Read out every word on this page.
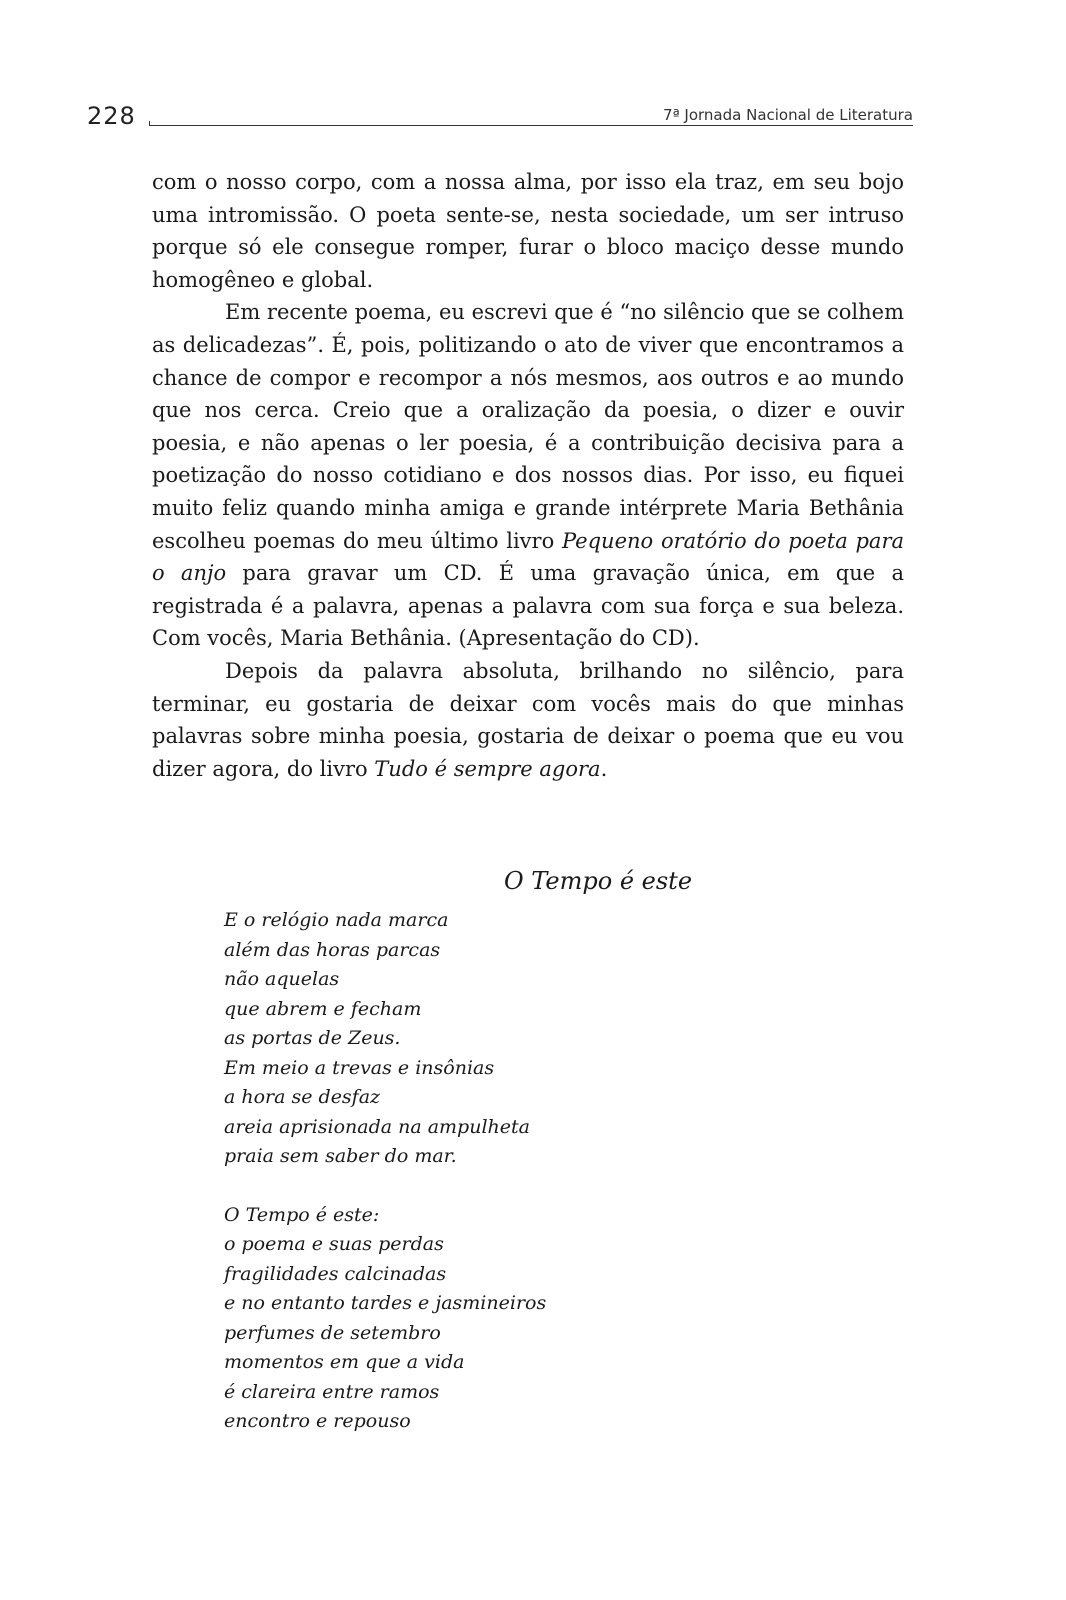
228	7ª Jornada Nacional de Literatura

com o nosso corpo, com a nossa alma, por isso ela traz, em seu bojo uma intromissão. O poeta sente-se, nesta sociedade, um ser intruso porque só ele consegue romper, furar o bloco maciço desse mundo homogêneo e global.

Em recente poema, eu escrevi que é “no silêncio que se colhem as delicadezas”. É, pois, politizando o ato de viver que encontramos a chance de compor e recompor a nós mesmos, aos outros e ao mundo que nos cerca. Creio que a oralização da poesia, o dizer e ouvir poesia, e não apenas o ler poesia, é a contribuição decisiva para a poetização do nosso cotidiano e dos nossos dias. Por isso, eu fiquei muito feliz quando minha amiga e grande intérprete Maria Bethânia escolheu poemas do meu último livro Pequeno oratório do poeta para o anjo para gravar um CD. É uma gravação única, em que a registrada é a palavra, apenas a palavra com sua força e sua beleza. Com vocês, Maria Bethânia. (Apresentação do CD).

Depois da palavra absoluta, brilhando no silêncio, para terminar, eu gostaria de deixar com vocês mais do que minhas palavras sobre minha poesia, gostaria de deixar o poema que eu vou dizer agora, do livro Tudo é sempre agora.

O Tempo é este
E o relógio nada marca
além das horas parcas
não aquelas
que abrem e fecham
as portas de Zeus.
Em meio a trevas e insônias
a hora se desfaz
areia aprisionada na ampulheta
praia sem saber do mar.
O Tempo é este:
o poema e suas perdas
fragilidades calcinadas
e no entanto tardes e jasmineiros
perfumes de setembro
momentos em que a vida
é clareira entre ramos
encontro e repouso
